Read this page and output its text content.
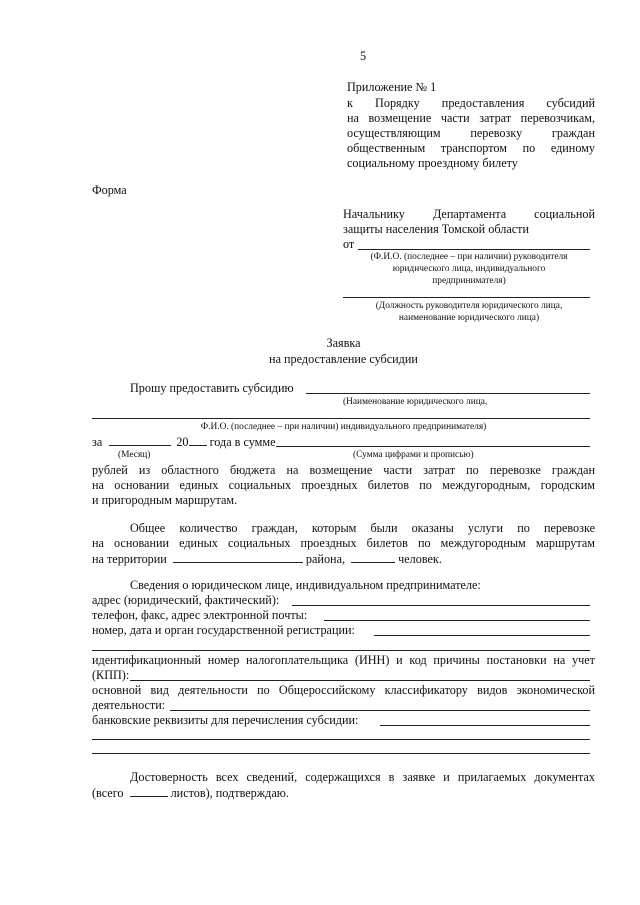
5
Приложение № 1
к Порядку предоставления субсидий
на возмещение части затрат перевозчикам,
осуществляющим перевозку граждан
общественным транспортом по единому
социальному проездному билету
Форма
Начальнику Департамента социальной
защиты населения Томской области
от
(Ф.И.О. (последнее – при наличии) руководителя
юридического лица, индивидуального
предпринимателя)
(Должность руководителя юридического лица,
наименование юридического лица)
Заявка
на предоставление субсидии
Прошу предоставить субсидию
(Наименование юридического лица,
Ф.И.О. (последнее – при наличии) индивидуального предпринимателя)
за	20 года в сумме
(Месяц)	(Сумма цифрами и прописью)
рублей из областного бюджета на возмещение части затрат по перевозке граждан
на основании единых социальных проездных билетов по междугородным, городским
и пригородным маршрутам.
Общее количество граждан, которым были оказаны услуги по перевозке
на основании единых социальных проездных билетов по междугородным маршрутам
на территории	района,	человек.
Сведения о юридическом лице, индивидуальном предпринимателе:
адрес (юридический, фактический):
телефон, факс, адрес электронной почты:
номер, дата и орган государственной регистрации:
идентификационный номер налогоплательщика (ИНН) и код причины постановки на учет
(КПП):
основной вид деятельности по Общероссийскому классификатору видов экономической
деятельности:
банковские реквизиты для перечисления субсидии:
Достоверность всех сведений, содержащихся в заявке и прилагаемых документах
(всего	листов), подтверждаю.
